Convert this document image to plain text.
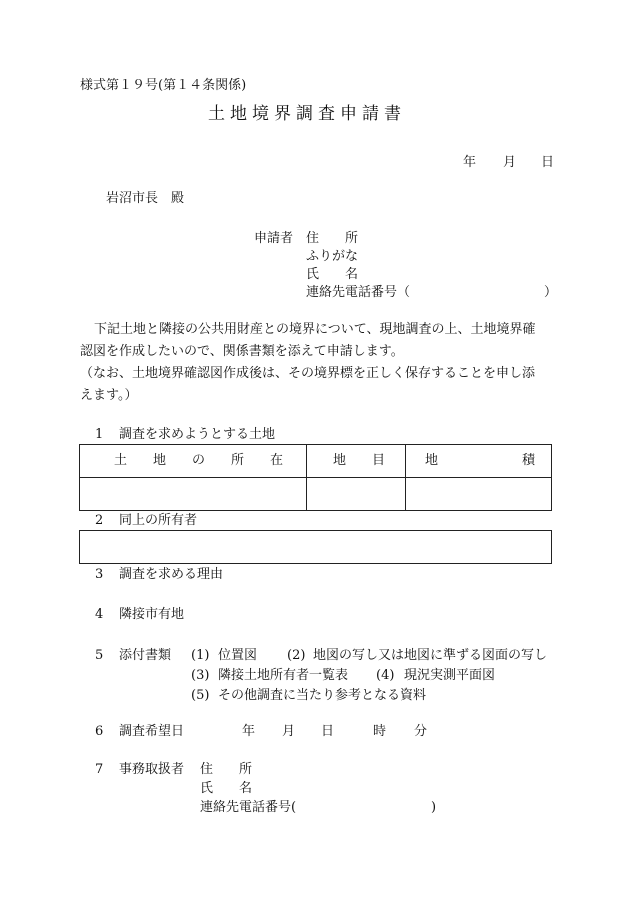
様式第１９号(第１４条関係)
土地境界調査申請書
年 月 日
岩沼市長 殿
申請者 住　　所
ふりがな
氏　　名
連絡先電話番号（	）
下記土地と隣接の公共用財産との境界について、現地調査の上、土地境界確
認図を作成したいので、関係書類を添えて申請します。
（なお、土地境界確認図作成後は、その境界標を正しく保存することを申し添
えます。）
1 調査を求めようとする土地
土　　地　　の　　所　　在	地　　目	地	積
2 同上の所有者
3 調査を求める理由
4 隣接市有地
5 添付書類 (1) 位置図 (2) 地図の写し又は地図に準ずる図面の写し
(3) 隣接土地所有者一覧表 (4) 現況実測平面図
(5) その他調査に当たり参考となる資料
6 調査希望日	年 月 日	時 分
7 事務取扱者 住　　所
氏　　名
連絡先電話番号(	)
